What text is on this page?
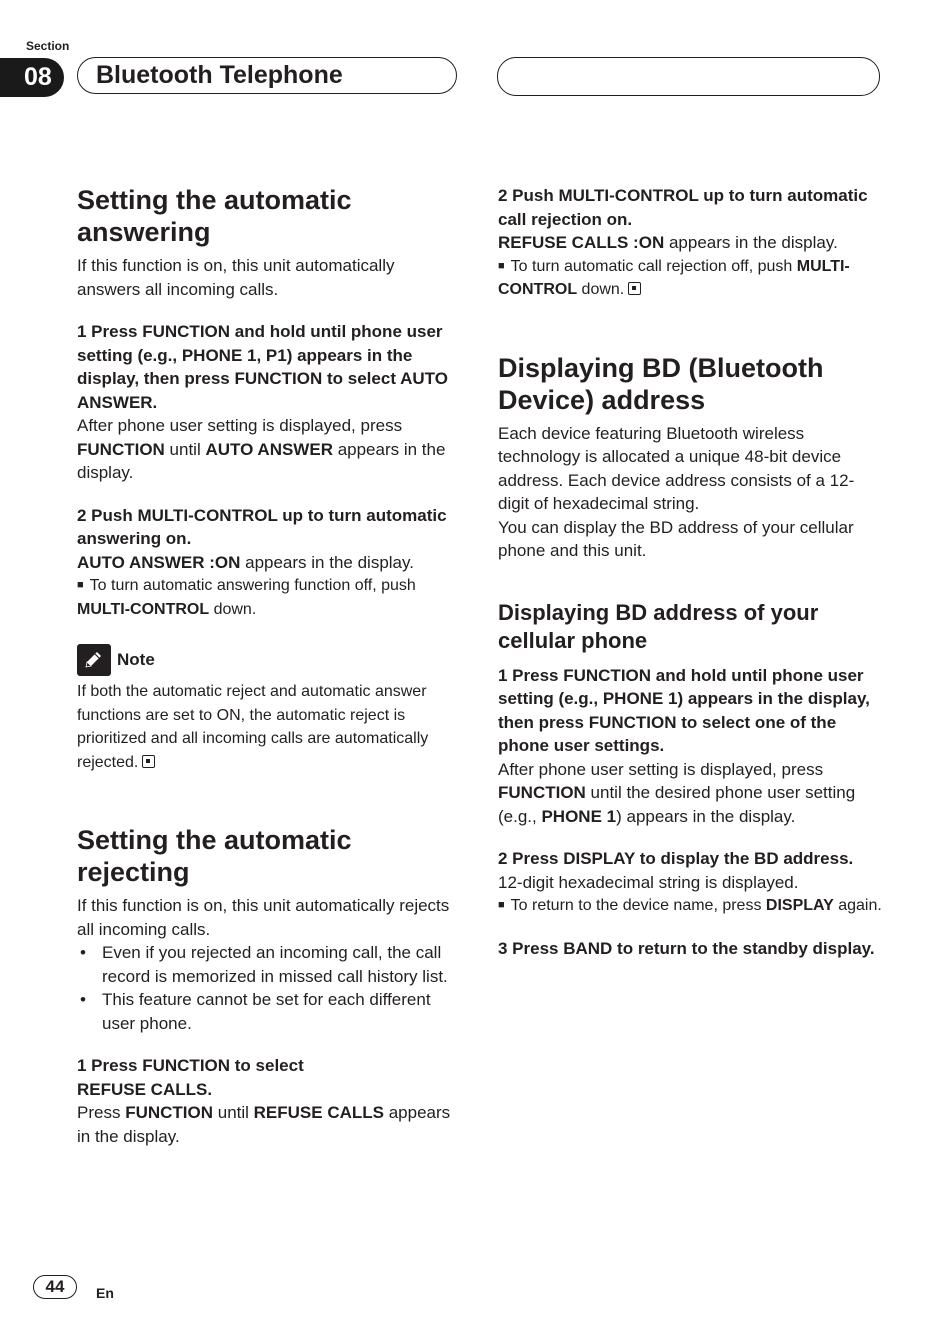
Section
08	Bluetooth Telephone
Setting the automatic
answering

If this function is on, this unit automatically answers all incoming calls.

1 Press FUNCTION and hold until phone user setting (e.g., PHONE 1, P1) appears in the display, then press FUNCTION to select AUTO ANSWER.

After phone user setting is displayed, press FUNCTION until AUTO ANSWER appears in the display.

2 Push MULTI-CONTROL up to turn automatic answering on.

AUTO ANSWER :ON appears in the display.

■ To turn automatic answering function off, push MULTI-CONTROL down.

Note

If both the automatic reject and automatic answer functions are set to ON, the automatic reject is prioritized and all incoming calls are automatically rejected.

Setting the automatic
rejecting

If this function is on, this unit automatically rejects all incoming calls.

• Even if you rejected an incoming call, the call record is memorized in missed call history list.
• This feature cannot be set for each different user phone.

1 Press FUNCTION to select
REFUSE CALLS.

Press FUNCTION until REFUSE CALLS appears in the display.

2 Push MULTI-CONTROL up to turn automatic call rejection on.

REFUSE CALLS :ON appears in the display.

■ To turn automatic call rejection off, push MULTI-CONTROL down.

Displaying BD (Bluetooth
Device) address

Each device featuring Bluetooth wireless technology is allocated a unique 48-bit device address. Each device address consists of a 12-digit of hexadecimal string.

You can display the BD address of your cellular phone and this unit.

Displaying BD address of your
cellular phone

1 Press FUNCTION and hold until phone user setting (e.g., PHONE 1) appears in the display, then press FUNCTION to select one of the phone user settings.

After phone user setting is displayed, press FUNCTION until the desired phone user setting (e.g., PHONE 1) appears in the display.

2 Press DISPLAY to display the BD address.

12-digit hexadecimal string is displayed.

■ To return to the device name, press DISPLAY again.

3 Press BAND to return to the standby display.

44	En
